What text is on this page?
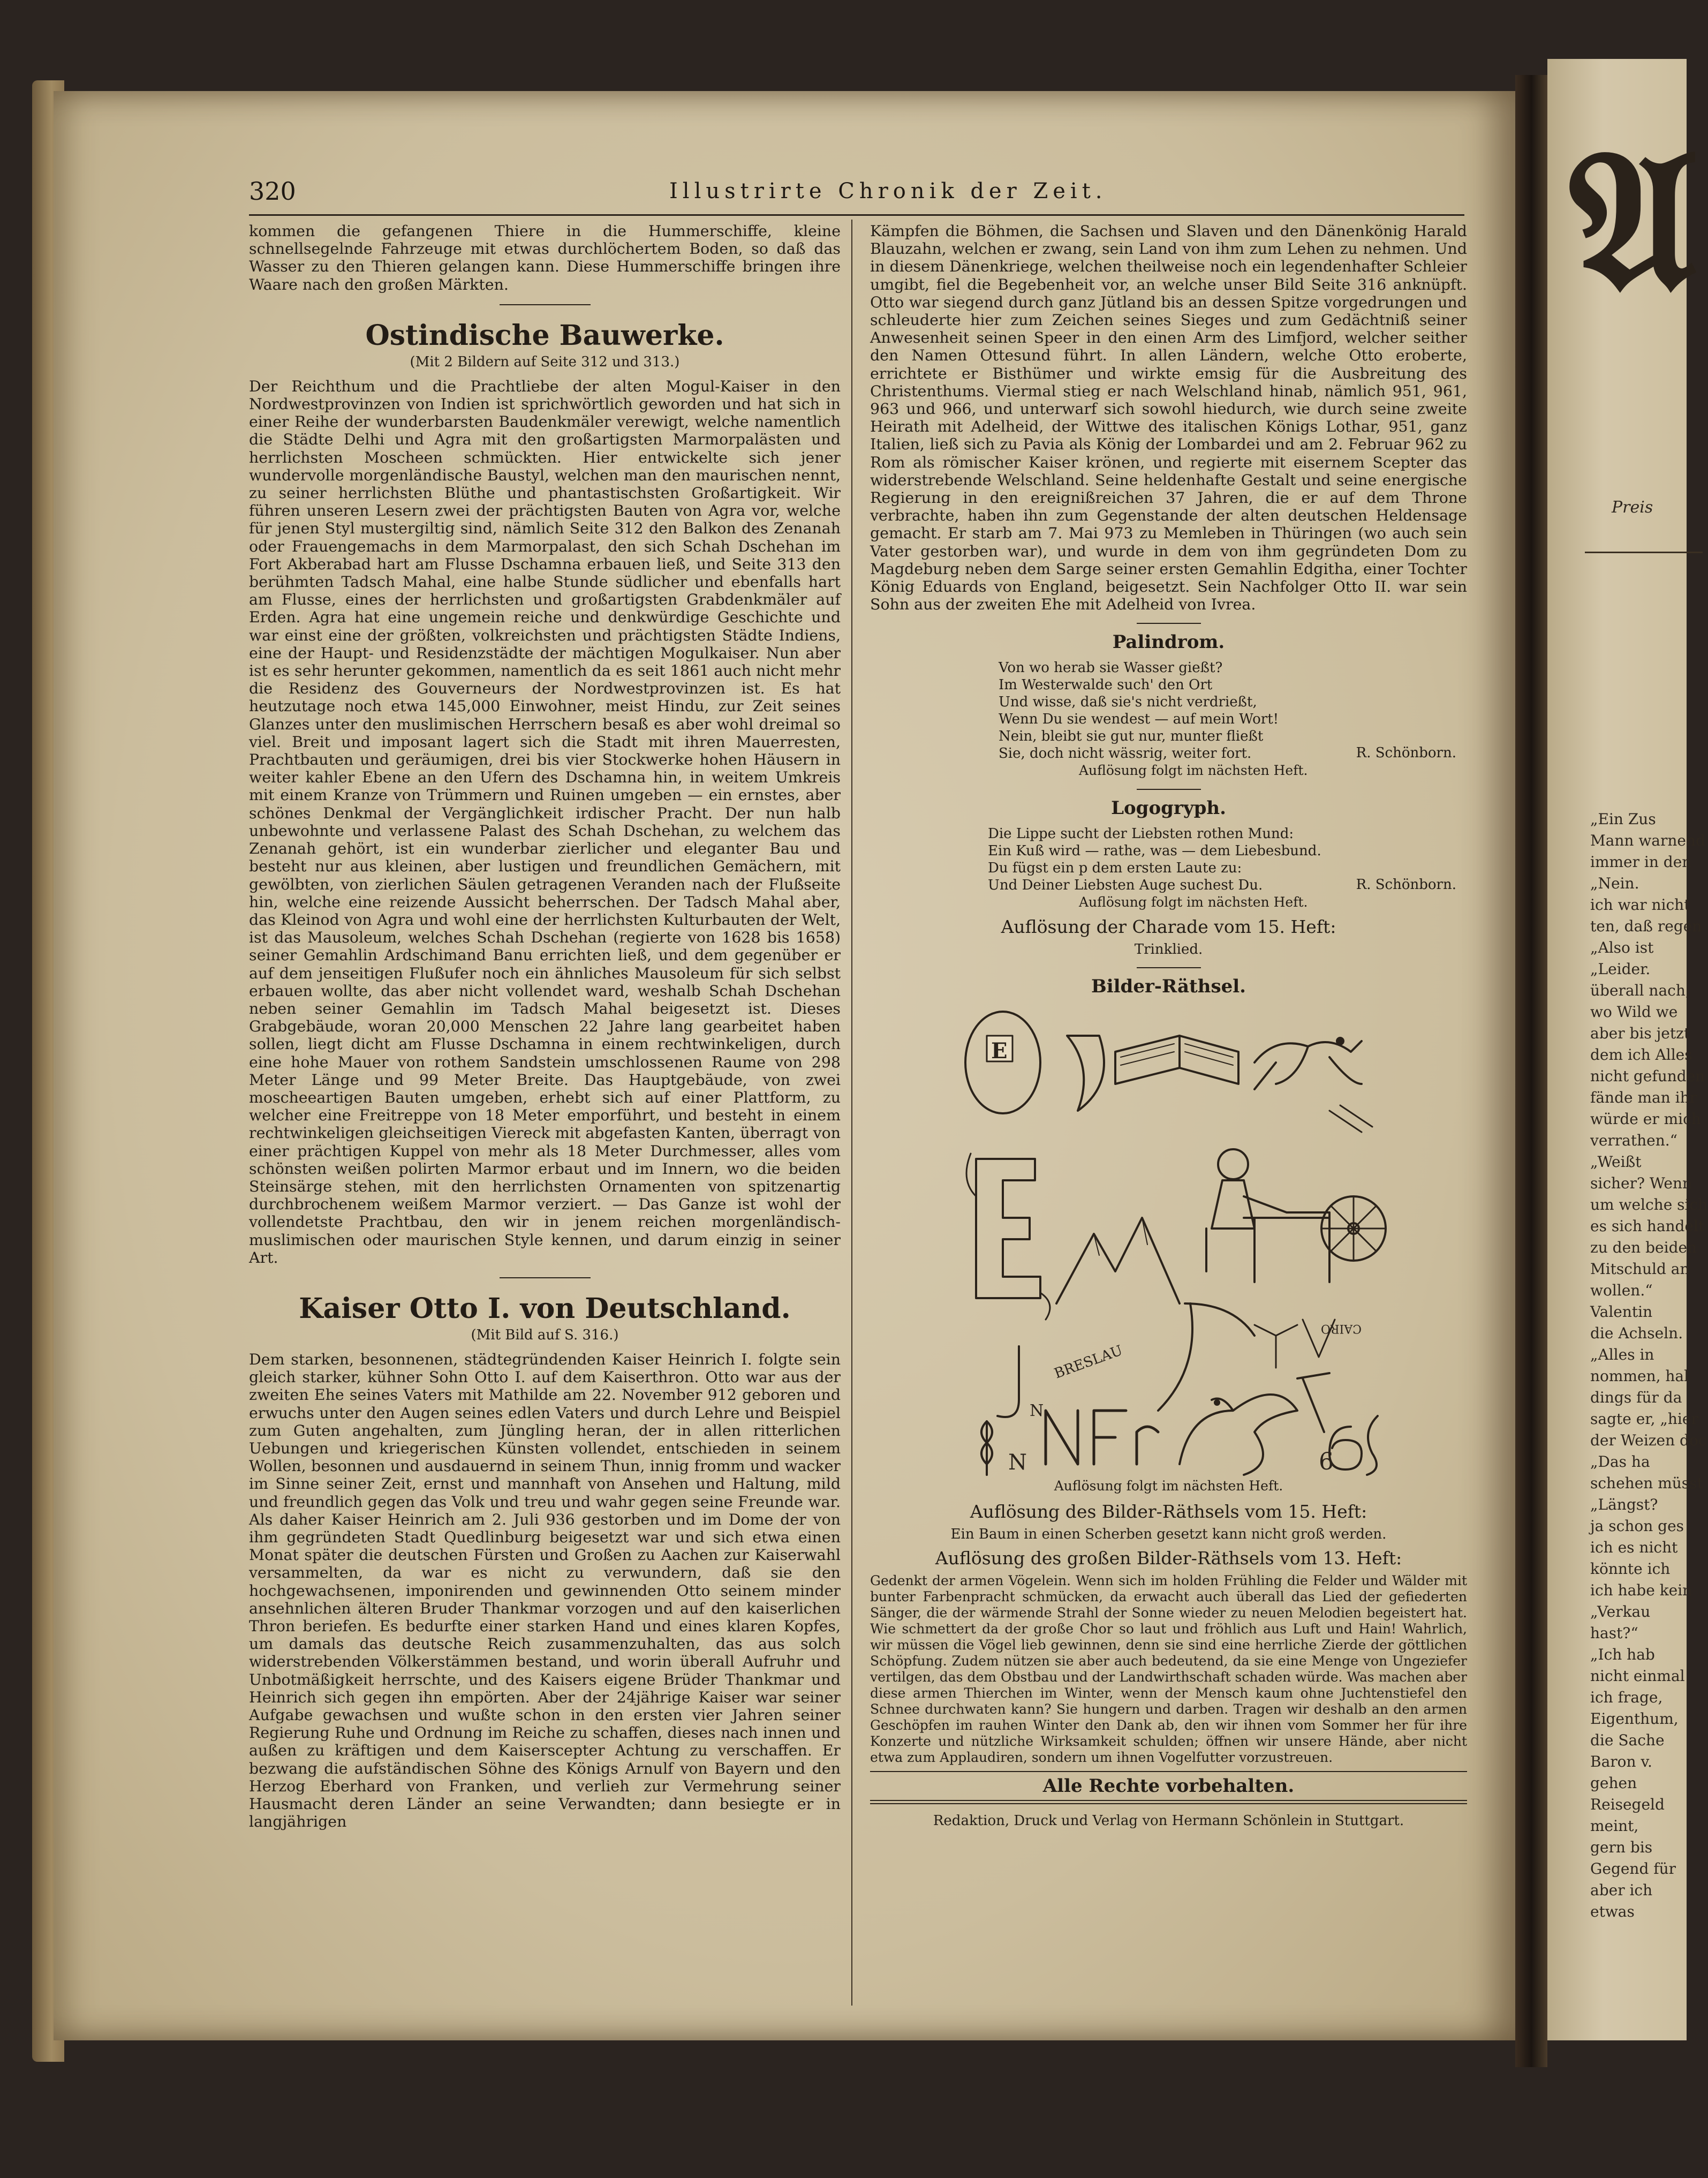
𝔄
Preis
„Ein Zus
Mann warnend
immer in den
„Nein.
ich war nicht
ten, daß regen
„Also ist
„Leider.
überall nach,
wo Wild we
aber bis jetzt
dem ich Alles
nicht gefunden
fände man ihr
würde er mich
verrathen.“
„Weißt
sicher? Wenn
um welche sich
es sich handelt
zu den beiden
Mitschuld an
wollen.“
Valentin
die Achseln.
„Alles in
nommen, hal
dings für da
sagte er, „hier
der Weizen doc
„Das ha
schehen müsst
„Längst?
ja schon ges
ich es nicht
könnte ich
ich habe kein
„Verkau
hast?“
„Ich hab
nicht einmal
ich frage,
Eigenthum,
die Sache
Baron v.
gehen
Reisegeld
meint,
gern bis
Gegend für
aber ich
etwas
320	Illustrirte Chronik der Zeit.

kommen die gefangenen Thiere in die Hummerschiffe, kleine schnellsegelnde Fahrzeuge mit etwas durchlöchertem Boden, so daß das Wasser zu den Thieren gelangen kann. Diese Hummerschiffe bringen ihre Waare nach den großen Märkten.

Ostindische Bauwerke.
(Mit 2 Bildern auf Seite 312 und 313.)

Der Reichthum und die Prachtliebe der alten Mogul-Kaiser in den Nordwestprovinzen von Indien ist sprichwörtlich geworden und hat sich in einer Reihe der wunderbarsten Baudenkmäler verewigt, welche namentlich die Städte Delhi und Agra mit den großartigsten Marmorpalästen und herrlichsten Moscheen schmückten. Hier entwickelte sich jener wundervolle morgenländische Baustyl, welchen man den maurischen nennt, zu seiner herrlichsten Blüthe und phantastischsten Großartigkeit. Wir führen unseren Lesern zwei der prächtigsten Bauten von Agra vor, welche für jenen Styl mustergiltig sind, nämlich Seite 312 den Balkon des Zenanah oder Frauengemachs in dem Marmorpalast, den sich Schah Dschehan im Fort Akberabad hart am Flusse Dschamna erbauen ließ, und Seite 313 den berühmten Tadsch Mahal, eine halbe Stunde südlicher und ebenfalls hart am Flusse, eines der herrlichsten und großartigsten Grabdenkmäler auf Erden. Agra hat eine ungemein reiche und denkwürdige Geschichte und war einst eine der größten, volkreichsten und prächtigsten Städte Indiens, eine der Haupt- und Residenzstädte der mächtigen Mogulkaiser. Nun aber ist es sehr herunter gekommen, namentlich da es seit 1861 auch nicht mehr die Residenz des Gouverneurs der Nordwestprovinzen ist. Es hat heutzutage noch etwa 145,000 Einwohner, meist Hindu, zur Zeit seines Glanzes unter den muslimischen Herrschern besaß es aber wohl dreimal so viel. Breit und imposant lagert sich die Stadt mit ihren Mauerresten, Prachtbauten und geräumigen, drei bis vier Stockwerke hohen Häusern in weiter kahler Ebene an den Ufern des Dschamna hin, in weitem Umkreis mit einem Kranze von Trümmern und Ruinen umgeben — ein ernstes, aber schönes Denkmal der Vergänglichkeit irdischer Pracht. Der nun halb unbewohnte und verlassene Palast des Schah Dschehan, zu welchem das Zenanah gehört, ist ein wunderbar zierlicher und eleganter Bau und besteht nur aus kleinen, aber lustigen und freundlichen Gemächern, mit gewölbten, von zierlichen Säulen getragenen Veranden nach der Flußseite hin, welche eine reizende Aussicht beherrschen. Der Tadsch Mahal aber, das Kleinod von Agra und wohl eine der herrlichsten Kulturbauten der Welt, ist das Mausoleum, welches Schah Dschehan (regierte von 1628 bis 1658) seiner Gemahlin Ardschimand Banu errichten ließ, und dem gegenüber er auf dem jenseitigen Flußufer noch ein ähnliches Mausoleum für sich selbst erbauen wollte, das aber nicht vollendet ward, weshalb Schah Dschehan neben seiner Gemahlin im Tadsch Mahal beigesetzt ist. Dieses Grabgebäude, woran 20,000 Menschen 22 Jahre lang gearbeitet haben sollen, liegt dicht am Flusse Dschamna in einem rechtwinkeligen, durch eine hohe Mauer von rothem Sandstein umschlossenen Raume von 298 Meter Länge und 99 Meter Breite. Das Hauptgebäude, von zwei moscheeartigen Bauten umgeben, erhebt sich auf einer Plattform, zu welcher eine Freitreppe von 18 Meter emporführt, und besteht in einem rechtwinkeligen gleichseitigen Viereck mit abgefasten Kanten, überragt von einer prächtigen Kuppel von mehr als 18 Meter Durchmesser, alles vom schönsten weißen polirten Marmor erbaut und im Innern, wo die beiden Steinsärge stehen, mit den herrlichsten Ornamenten von spitzenartig durchbrochenem weißem Marmor verziert. — Das Ganze ist wohl der vollendetste Prachtbau, den wir in jenem reichen morgenländisch-muslimischen oder maurischen Style kennen, und darum einzig in seiner Art.

Kaiser Otto I. von Deutschland.
(Mit Bild auf S. 316.)

Dem starken, besonnenen, städtegründenden Kaiser Heinrich I. folgte sein gleich starker, kühner Sohn Otto I. auf dem Kaiserthron. Otto war aus der zweiten Ehe seines Vaters mit Mathilde am 22. November 912 geboren und erwuchs unter den Augen seines edlen Vaters und durch Lehre und Beispiel zum Guten angehalten, zum Jüngling heran, der in allen ritterlichen Uebungen und kriegerischen Künsten vollendet, entschieden in seinem Wollen, besonnen und ausdauernd in seinem Thun, innig fromm und wacker im Sinne seiner Zeit, ernst und mannhaft von Ansehen und Haltung, mild und freundlich gegen das Volk und treu und wahr gegen seine Freunde war. Als daher Kaiser Heinrich am 2. Juli 936 gestorben und im Dome der von ihm gegründeten Stadt Quedlinburg beigesetzt war und sich etwa einen Monat später die deutschen Fürsten und Großen zu Aachen zur Kaiserwahl versammelten, da war es nicht zu verwundern, daß sie den hochgewachsenen, imponirenden und gewinnenden Otto seinem minder ansehnlichen älteren Bruder Thankmar vorzogen und auf den kaiserlichen Thron beriefen. Es bedurfte einer starken Hand und eines klaren Kopfes, um damals das deutsche Reich zusammenzuhalten, das aus solch widerstrebenden Völkerstämmen bestand, und worin überall Aufruhr und Unbotmäßigkeit herrschte, und des Kaisers eigene Brüder Thankmar und Heinrich sich gegen ihn empörten. Aber der 24jährige Kaiser war seiner Aufgabe gewachsen und wußte schon in den ersten vier Jahren seiner Regierung Ruhe und Ordnung im Reiche zu schaffen, dieses nach innen und außen zu kräftigen und dem Kaiserscepter Achtung zu verschaffen. Er bezwang die aufständischen Söhne des Königs Arnulf von Bayern und den Herzog Eberhard von Franken, und verlieh zur Vermehrung seiner Hausmacht deren Länder an seine Verwandten; dann besiegte er in langjährigen

Kämpfen die Böhmen, die Sachsen und Slaven und den Dänenkönig Harald Blauzahn, welchen er zwang, sein Land von ihm zum Lehen zu nehmen. Und in diesem Dänenkriege, welchen theilweise noch ein legendenhafter Schleier umgibt, fiel die Begebenheit vor, an welche unser Bild Seite 316 anknüpft. Otto war siegend durch ganz Jütland bis an dessen Spitze vorgedrungen und schleuderte hier zum Zeichen seines Sieges und zum Gedächtniß seiner Anwesenheit seinen Speer in den einen Arm des Limfjord, welcher seither den Namen Ottesund führt. In allen Ländern, welche Otto eroberte, errichtete er Bisthümer und wirkte emsig für die Ausbreitung des Christenthums. Viermal stieg er nach Welschland hinab, nämlich 951, 961, 963 und 966, und unterwarf sich sowohl hiedurch, wie durch seine zweite Heirath mit Adelheid, der Wittwe des italischen Königs Lothar, 951, ganz Italien, ließ sich zu Pavia als König der Lombardei und am 2. Februar 962 zu Rom als römischer Kaiser krönen, und regierte mit eisernem Scepter das widerstrebende Welschland. Seine heldenhafte Gestalt und seine energische Regierung in den ereignißreichen 37 Jahren, die er auf dem Throne verbrachte, haben ihn zum Gegenstande der alten deutschen Heldensage gemacht. Er starb am 7. Mai 973 zu Memleben in Thüringen (wo auch sein Vater gestorben war), und wurde in dem von ihm gegründeten Dom zu Magdeburg neben dem Sarge seiner ersten Gemahlin Edgitha, einer Tochter König Eduards von England, beigesetzt. Sein Nachfolger Otto II. war sein Sohn aus der zweiten Ehe mit Adelheid von Ivrea.

Palindrom.
Von wo herab sie Wasser gießt?
Im Westerwalde such' den Ort
Und wisse, daß sie's nicht verdrießt,
Wenn Du sie wendest — auf mein Wort!
Nein, bleibt sie gut nur, munter fließt
Sie, doch nicht wässrig, weiter fort.	R. Schönborn.
Auflösung folgt im nächsten Heft.
Logogryph.
Die Lippe sucht der Liebsten rothen Mund:
Ein Kuß wird — rathe, was — dem Liebesbund.
Du fügst ein p dem ersten Laute zu:
Und Deiner Liebsten Auge suchest Du.	R. Schönborn.
Auflösung folgt im nächsten Heft.
Auflösung der Charade vom 15. Heft:
Trinklied.
Bilder-Räthsel.
E
BRESLAU
CAIRO
N
N	6
Auflösung folgt im nächsten Heft.
Auflösung des Bilder-Räthsels vom 15. Heft:
Ein Baum in einen Scherben gesetzt kann nicht groß werden.
Auflösung des großen Bilder-Räthsels vom 13. Heft:

Gedenkt der armen Vögelein. Wenn sich im holden Frühling die Felder und Wälder mit bunter Farbenpracht schmücken, da erwacht auch überall das Lied der gefiederten Sänger, die der wärmende Strahl der Sonne wieder zu neuen Melodien begeistert hat. Wie schmettert da der große Chor so laut und fröhlich aus Luft und Hain! Wahrlich, wir müssen die Vögel lieb gewinnen, denn sie sind eine herrliche Zierde der göttlichen Schöpfung. Zudem nützen sie aber auch bedeutend, da sie eine Menge von Ungeziefer vertilgen, das dem Obstbau und der Landwirthschaft schaden würde. Was machen aber diese armen Thierchen im Winter, wenn der Mensch kaum ohne Juchtenstiefel den Schnee durchwaten kann? Sie hungern und darben. Tragen wir deshalb an den armen Geschöpfen im rauhen Winter den Dank ab, den wir ihnen vom Sommer her für ihre Konzerte und nützliche Wirksamkeit schulden; öffnen wir unsere Hände, aber nicht etwa zum Applaudiren, sondern um ihnen Vogelfutter vorzustreuen.

Alle Rechte vorbehalten.
Redaktion, Druck und Verlag von Hermann Schönlein in Stuttgart.
